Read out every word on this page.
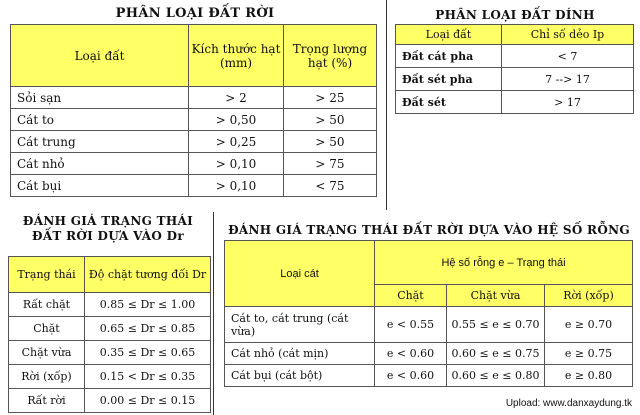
PHÂN LOẠI ĐẤT RỜI
Loại đất	Kích thước hạt (mm)	Trọng lượng hạt (%)
Sỏi sạn	> 2	> 25
Cát to	> 0,50	> 50
Cát trung	> 0,25	> 50
Cát nhỏ	> 0,10	> 75
Cát bụi	> 0,10	< 75
PHÂN LOẠI ĐẤT DÍNH
Loại đất	Chỉ số dẻo Ip
Đất cát pha	< 7
Đất sét pha	7 --> 17
Đất sét	> 17
ĐÁNH GIÁ TRẠNG THÁI
ĐẤT RỜI DỰA VÀO Dr
Trạng thái	Độ chặt tương đối Dr
Rất chặt	0.85 ≤ Dr ≤ 1.00
Chặt	0.65 ≤ Dr ≤ 0.85
Chặt vừa	0.35 ≤ Dr ≤ 0.65
Rời (xốp)	0.15 < Dr ≤ 0.35
Rất rời	0.00 ≤ Dr ≤ 0.15
ĐÁNH GIÁ TRẠNG THÁI ĐẤT RỜI DỰA VÀO HỆ SỐ RỖNG
Loại cát	Hệ số rỗng e – Trạng thái		
	Chặt	Chặt vừa	Rời (xốp)
Cát to, cát trung (cát vừa)	e < 0.55	0.55 ≤ e ≤ 0.70	e ≥ 0.70
Cát nhỏ (cát mịn)	e < 0.60	0.60 ≤ e ≤ 0.75	e ≥ 0.75
Cát bụi (cát bột)	e < 0.60	0.60 ≤ e ≤ 0.80	e ≥ 0.80
Upload: www.danxaydung.tk
